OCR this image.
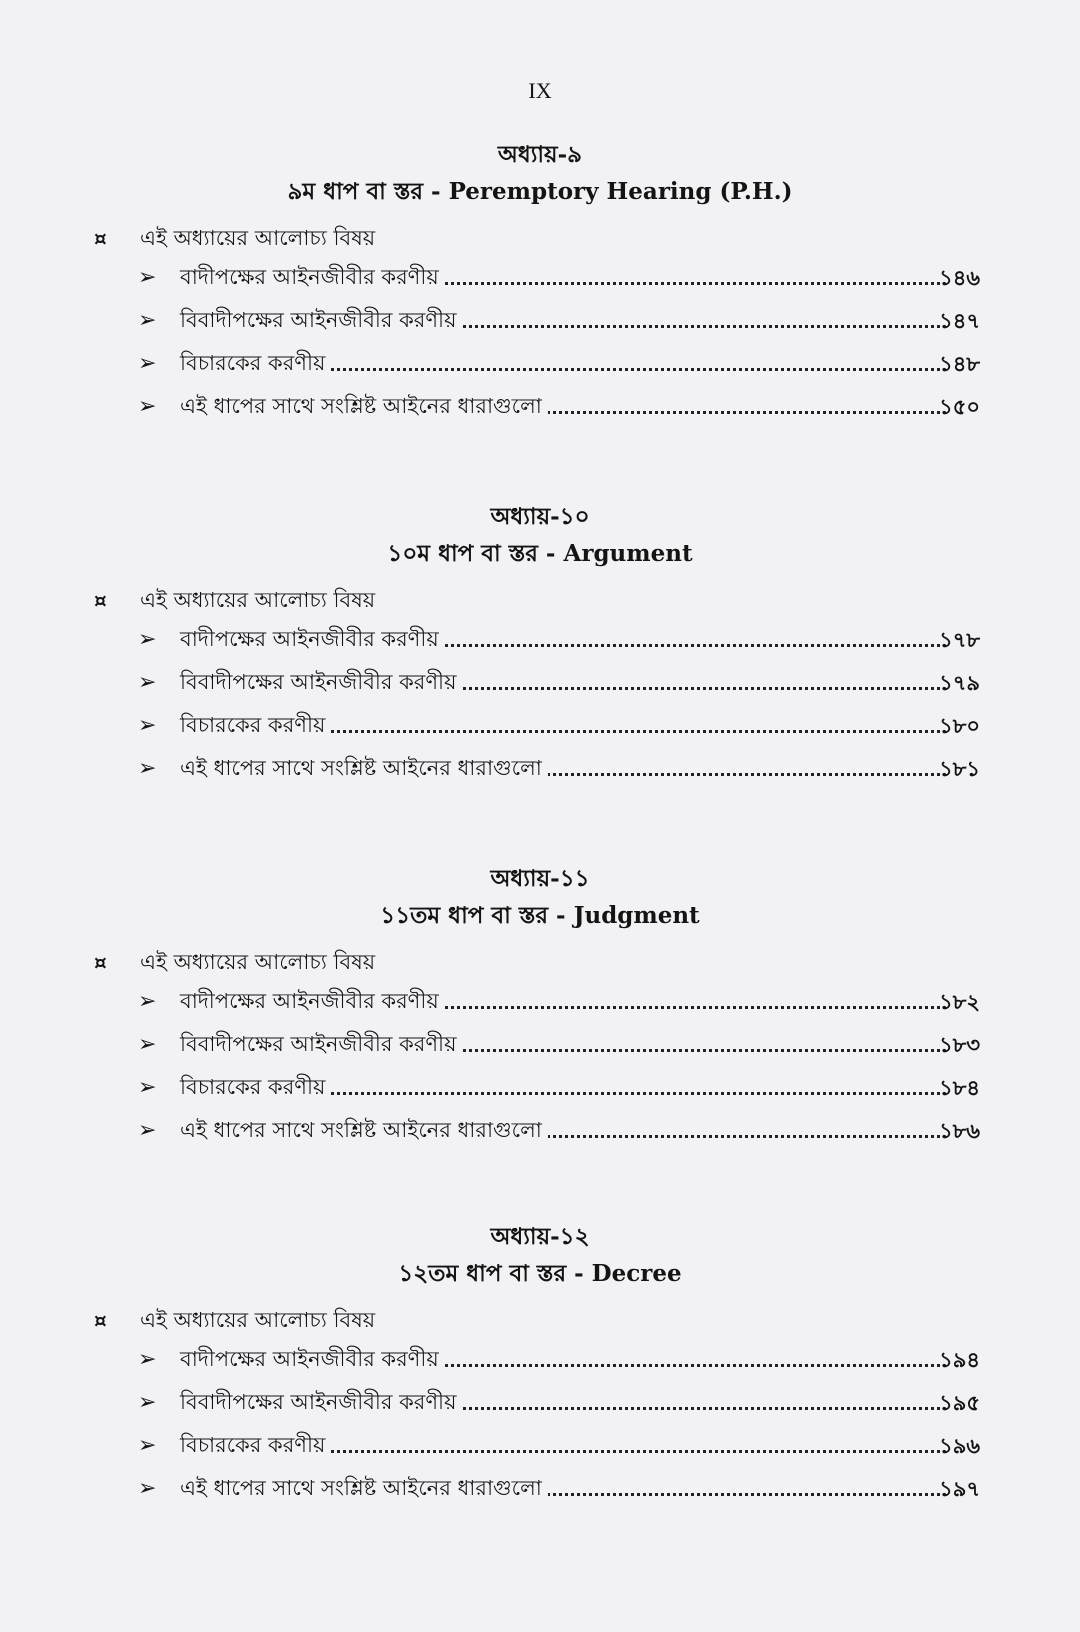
IX
অধ্যায়-৯
৯ম ধাপ বা স্তর - Peremptory Hearing (P.H.)
¤ এই অধ্যায়ের আলোচ্য বিষয়
➢ বাদীপক্ষের আইনজীবীর করণীয়	১৪৬
➢ বিবাদীপক্ষের আইনজীবীর করণীয়	১৪৭
➢ বিচারকের করণীয়	১৪৮
➢ এই ধাপের সাথে সংশ্লিষ্ট আইনের ধারাগুলো	১৫০
অধ্যায়-১০
১০ম ধাপ বা স্তর - Argument
¤ এই অধ্যায়ের আলোচ্য বিষয়
➢ বাদীপক্ষের আইনজীবীর করণীয়	১৭৮
➢ বিবাদীপক্ষের আইনজীবীর করণীয়	১৭৯
➢ বিচারকের করণীয়	১৮০
➢ এই ধাপের সাথে সংশ্লিষ্ট আইনের ধারাগুলো	১৮১
অধ্যায়-১১
১১তম ধাপ বা স্তর - Judgment
¤ এই অধ্যায়ের আলোচ্য বিষয়
➢ বাদীপক্ষের আইনজীবীর করণীয়	১৮২
➢ বিবাদীপক্ষের আইনজীবীর করণীয়	১৮৩
➢ বিচারকের করণীয়	১৮৪
➢ এই ধাপের সাথে সংশ্লিষ্ট আইনের ধারাগুলো	১৮৬
অধ্যায়-১২
১২তম ধাপ বা স্তর - Decree
¤ এই অধ্যায়ের আলোচ্য বিষয়
➢ বাদীপক্ষের আইনজীবীর করণীয়	১৯৪
➢ বিবাদীপক্ষের আইনজীবীর করণীয়	১৯৫
➢ বিচারকের করণীয়	১৯৬
➢ এই ধাপের সাথে সংশ্লিষ্ট আইনের ধারাগুলো	১৯৭
